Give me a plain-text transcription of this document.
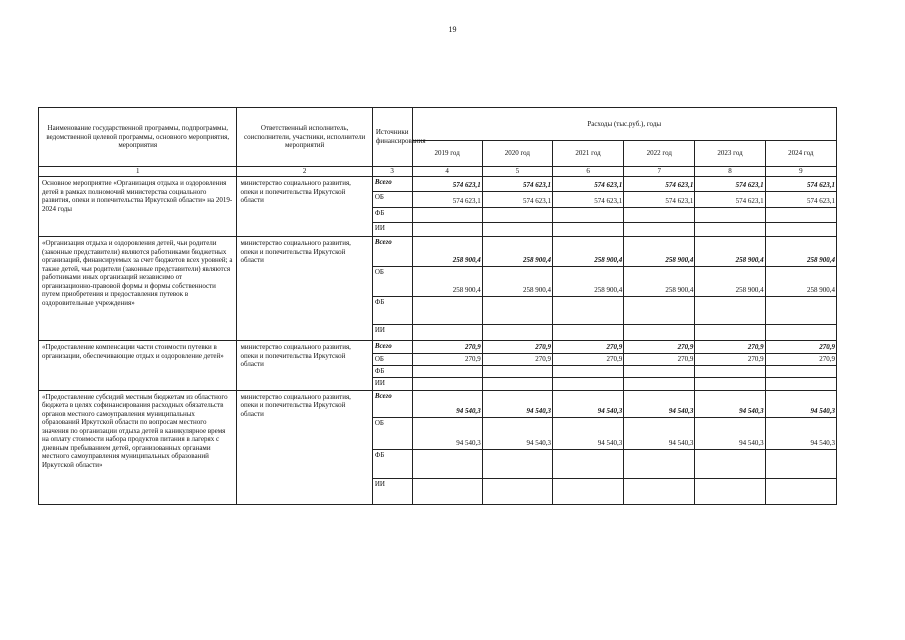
19
Наименование государственной программы, подпрограммы, ведомственной целевой программы, основного мероприятия, мероприятия	Ответственный исполнитель, соисполнители, участники, исполнители мероприятий	Источники финансирования	Расходы (тыс.руб.), годы					
			2019 год	2020 год	2021 год	2022 год	2023 год	2024 год
1	2	3	4	5	6	7	8	9
Основное мероприятие «Организация отдыха и оздоровления детей в рамках полномочий министерства социального развития, опеки и попечительства Иркутской области» на 2019-2024 годы	министерство социального развития, опеки и попечительства Иркутской области	Всего	574 623,1	574 623,1	574 623,1	574 623,1	574 623,1	574 623,1
		ОБ	574 623,1	574 623,1	574 623,1	574 623,1	574 623,1	574 623,1
		ФБ						
		ИИ						

«Организация отдыха и оздоровления детей, чьи родители (законные представители) являются работниками бюджетных организаций, финансируемых за счет бюджетов всех уровней; а также детей, чьи родители (законные представители) являются работниками иных организаций независимо от организационно-правовой формы и формы собственности путем приобретения и предоставления путевок в оздоровительные учреждения»	министерство социального развития, опеки и попечительства Иркутской области	Всего	258 900,4	258 900,4	258 900,4	258 900,4	258 900,4	258 900,4
		ОБ	258 900,4	258 900,4	258 900,4	258 900,4	258 900,4	258 900,4
		ФБ						
		ИИ						

«Предоставление компенсации части стоимости путевки в организации, обеспечивающие отдых и оздоровление детей»	министерство социального развития, опеки и попечительства Иркутской области	Всего	270,9	270,9	270,9	270,9	270,9	270,9
		ОБ	270,9	270,9	270,9	270,9	270,9	270,9
		ФБ						
		ИИ						

«Предоставление субсидий местным бюджетам из областного бюджета в целях софинансирования расходных обязательств органов местного самоуправления муниципальных образований Иркутской области по вопросам местного значения по организации отдыха детей в каникулярное время на оплату стоимости набора продуктов питания в лагерях с дневным пребыванием детей, организованных органами местного самоуправления муниципальных образований Иркутской области»	министерство социального развития, опеки и попечительства Иркутской области	Всего	94 540,3	94 540,3	94 540,3	94 540,3	94 540,3	94 540,3
		ОБ	94 540,3	94 540,3	94 540,3	94 540,3	94 540,3	94 540,3
		ФБ						
		ИИ						
